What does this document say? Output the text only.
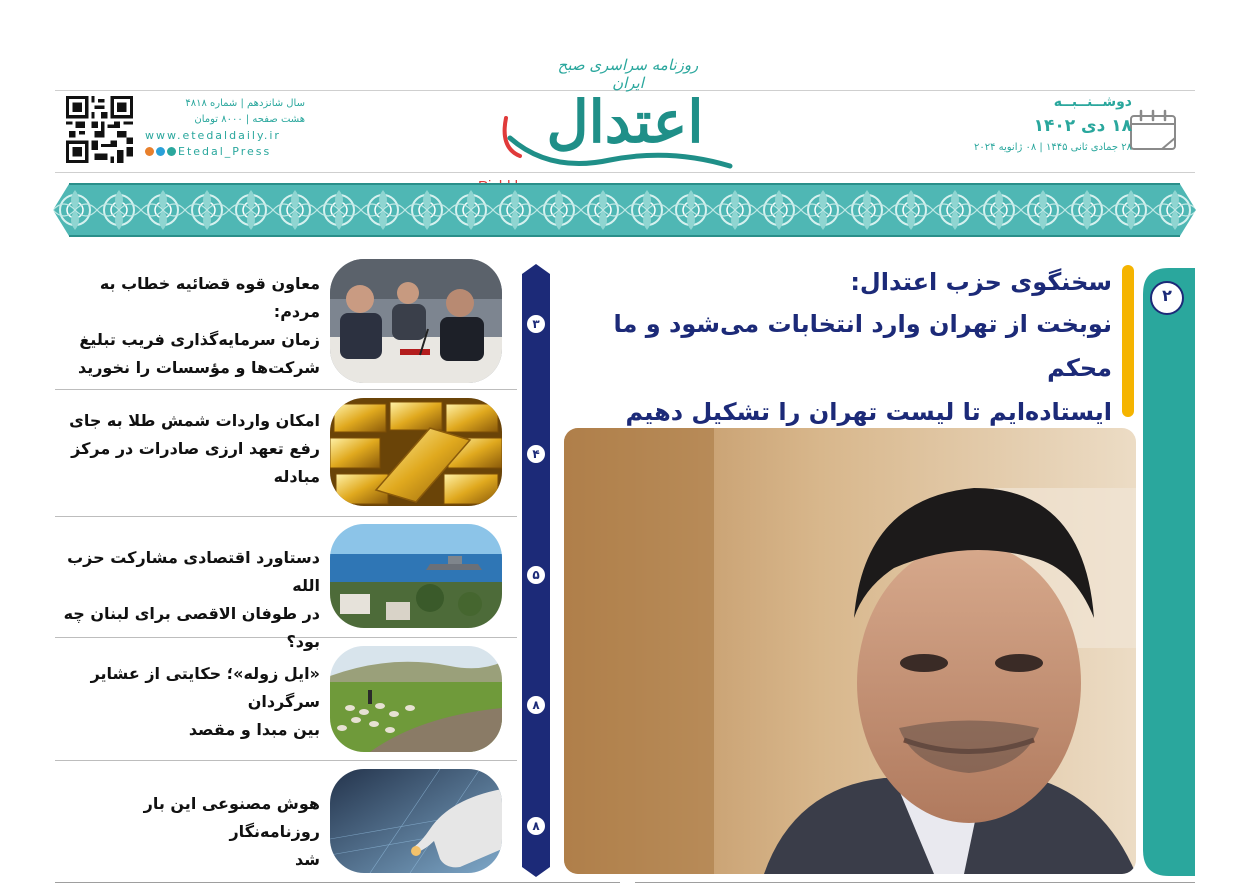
دوشــنــبــه
۱۸ دی ۱۴۰۲
۲۸ جمادی ثانی ۱۴۴۵ | ۰۸ ژانویه ۲۰۲۴
روزنامه سراسری صبح ایران
اعتدال
سال شانزدهم | شماره ۴۸۱۸
هشت صفحه | ۸۰۰۰ تومان
www.etedaldaily.ir
Etedal_Press
۲
سخنگوی حزب اعتدال:
نوبخت از تهران وارد انتخابات می‌شود و ما محکم
ایستاده‌ایم تا لیست تهران را تشکیل دهیم
۳
۴
۵
۸
۸
معاون قوه قضائیه خطاب به مردم:
زمان سرمایه‌گذاری فریب تبلیغ
شرکت‌ها و مؤسسات را نخورید
امکان واردات شمش طلا به جای
رفع تعهد ارزی صادرات در مرکز
مبادله
دستاورد اقتصادی مشارکت حزب الله
در طوفان الاقصی برای لبنان چه بود؟
«ایل زوله»؛ حکایتی از عشایر سرگردان
بین مبدا و مقصد
هوش مصنوعی این بار روزنامه‌نگار
شد
